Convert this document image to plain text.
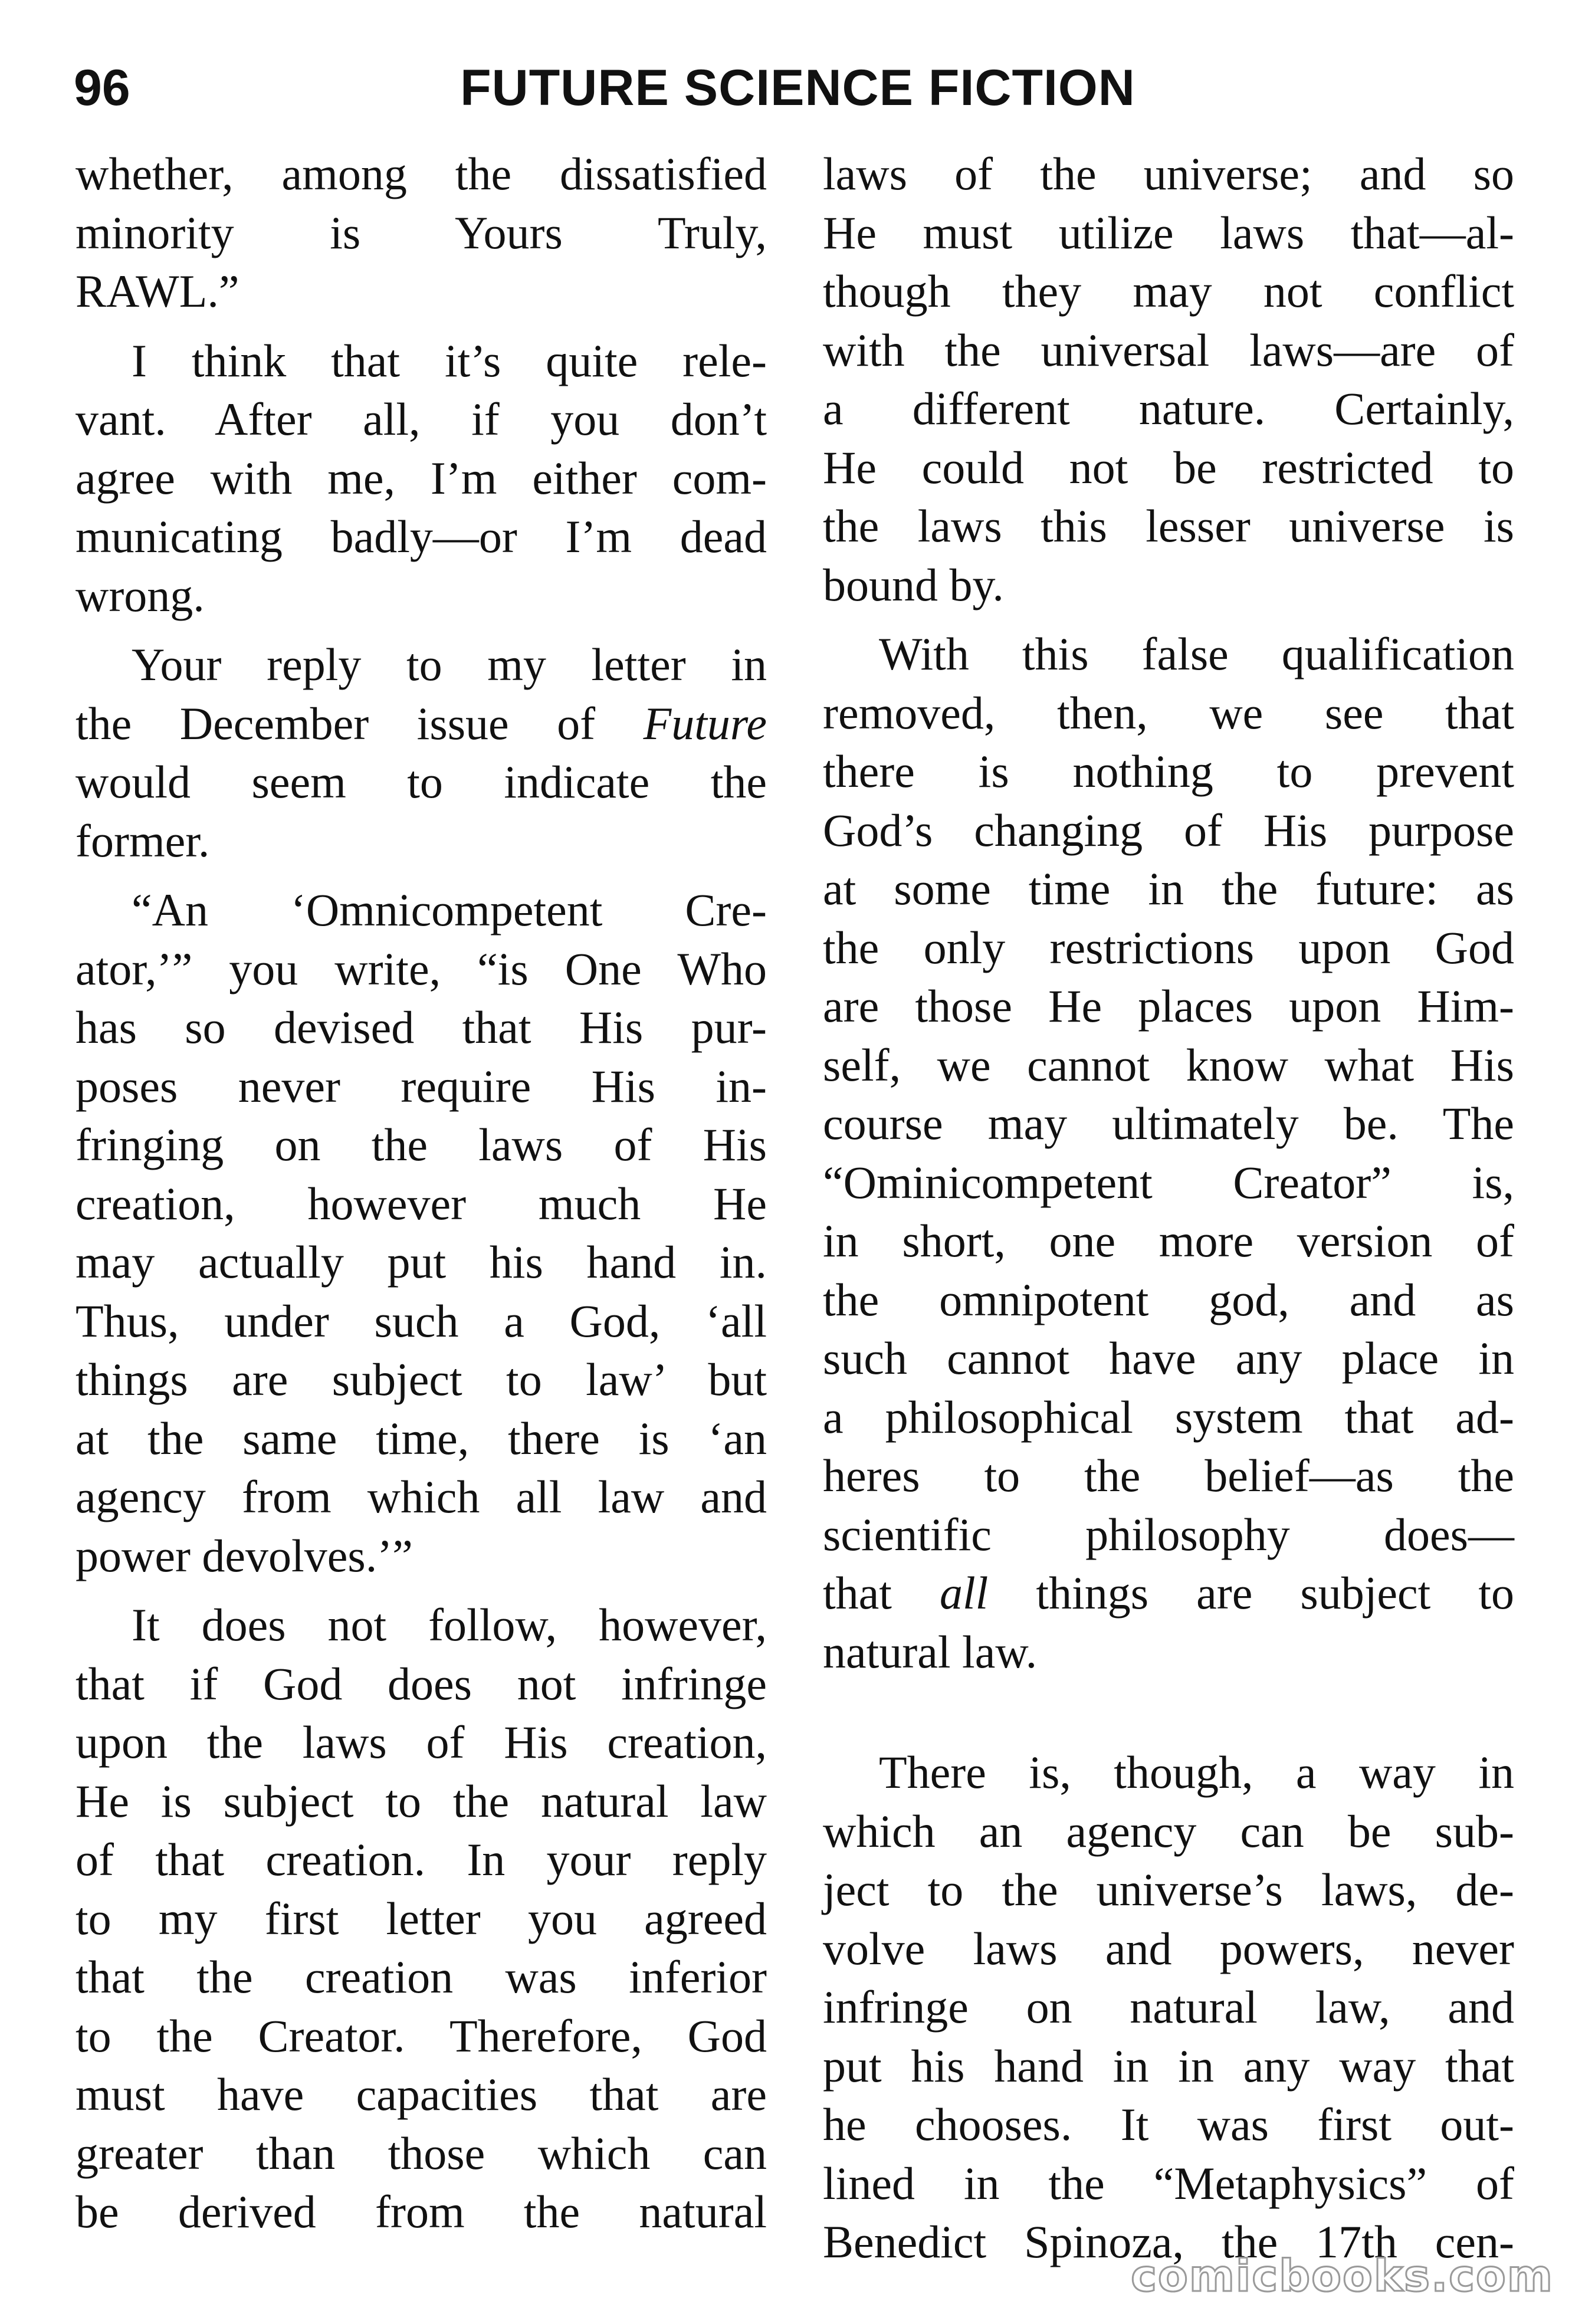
96	FUTURE SCIENCE FICTION
whether, among the dissatisfied
minority is Yours Truly,
RAWL.”
I think that it’s quite rele-
vant. After all, if you don’t
agree with me, I’m either com-
municating badly—or I’m dead
wrong.
Your reply to my letter in
the December issue of Future
would seem to indicate the
former.
“An ‘Omnicompetent Cre-
ator,’” you write, “is One Who
has so devised that His pur-
poses never require His in-
fringing on the laws of His
creation, however much He
may actually put his hand in.
Thus, under such a God, ‘all
things are subject to law’ but
at the same time, there is ‘an
agency from which all law and
power devolves.’”
It does not follow, however,
that if God does not infringe
upon the laws of His creation,
He is subject to the natural law
of that creation. In your reply
to my first letter you agreed
that the creation was inferior
to the Creator. Therefore, God
must have capacities that are
greater than those which can
be derived from the natural
laws of the universe; and so
He must utilize laws that—al-
though they may not conflict
with the universal laws—are of
a different nature. Certainly,
He could not be restricted to
the laws this lesser universe is
bound by.
With this false qualification
removed, then, we see that
there is nothing to prevent
God’s changing of His purpose
at some time in the future: as
the only restrictions upon God
are those He places upon Him-
self, we cannot know what His
course may ultimately be. The
“Ominicompetent Creator” is,
in short, one more version of
the omnipotent god, and as
such cannot have any place in
a philosophical system that ad-
heres to the belief—as the
scientific philosophy does—
that all things are subject to
natural law.
There is, though, a way in
which an agency can be sub-
ject to the universe’s laws, de-
volve laws and powers, never
infringe on natural law, and
put his hand in in any way that
he chooses. It was first out-
lined in the “Metaphysics” of
Benedict Spinoza, the 17th cen-
comicbooks.com
